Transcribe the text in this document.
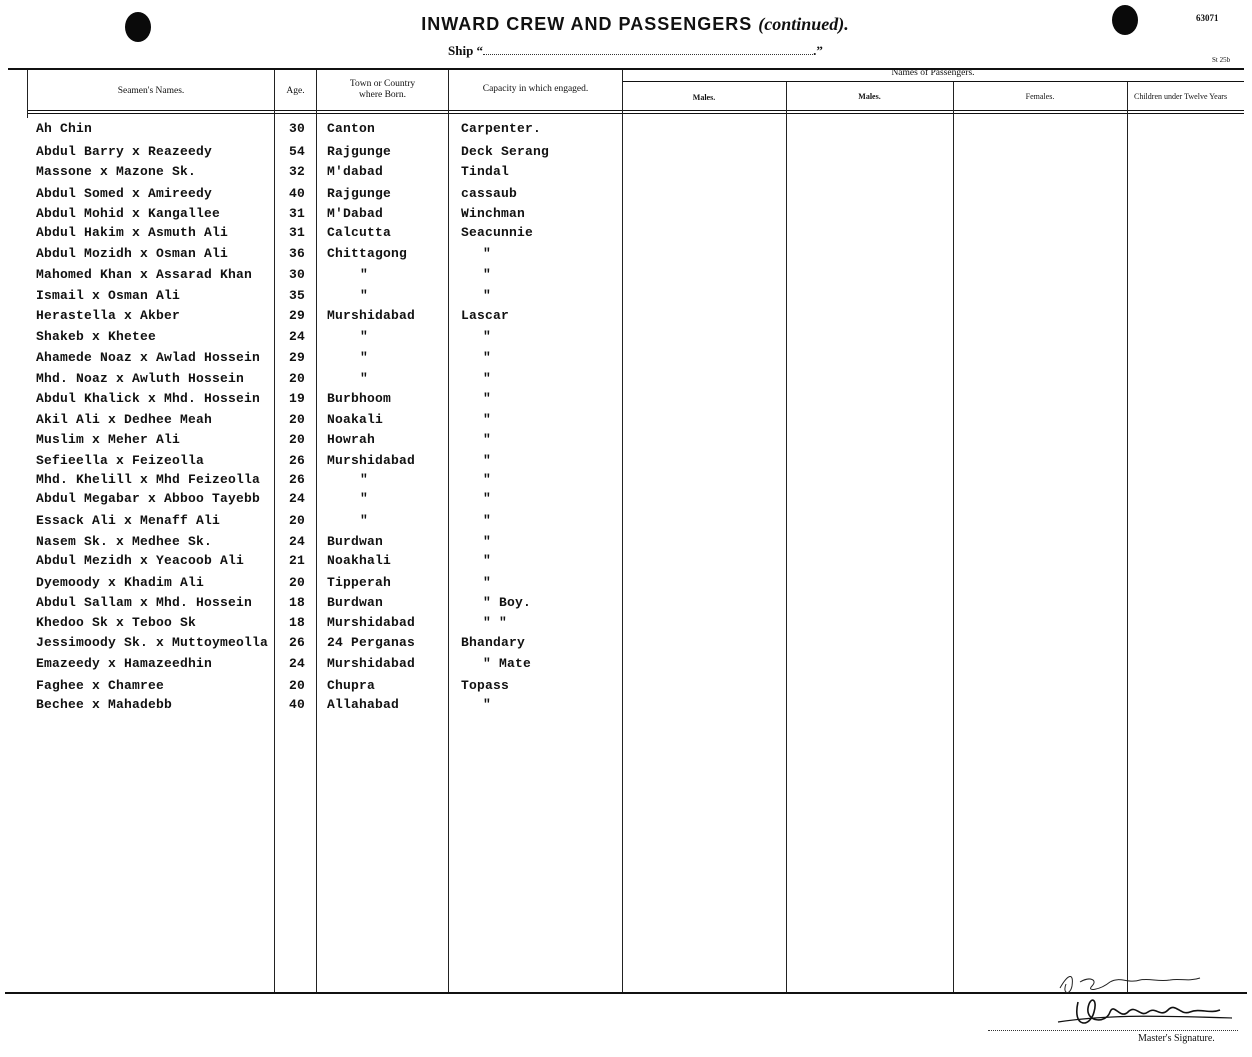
INWARD CREW AND PASSENGERS (continued).
Ship “	.”
63071
St 25b
Seamen's Names.	Age.
Town or Country
where Born.
Capacity in which engaged.
Names of Passengers.
Males.	Males.	Females.	Children under Twelve Years
Ah Chin	30	Canton	Carpenter.
Abdul Barry x Reazeedy	54	Rajgunge	Deck Serang
Massone x Mazone Sk.	32	M'dabad	Tindal
Abdul Somed x Amireedy	40	Rajgunge	cassaub
Abdul Mohid x Kangallee	31	M'Dabad	Winchman
Abdul Hakim x Asmuth Ali	31	Calcutta	Seacunnie
Abdul Mozidh x Osman Ali	36	Chittagong	"
Mahomed Khan x Assarad Khan	30	"	"
Ismail x Osman Ali	35	"	"
Herastella x Akber	29	Murshidabad	Lascar
Shakeb x Khetee	24	"	"
Ahamede Noaz x Awlad Hossein	29	"	"
Mhd. Noaz x Awluth Hossein	20	"	"
Abdul Khalick x Mhd. Hossein	19	Burbhoom	"
Akil Ali x Dedhee Meah	20	Noakali	"
Muslim x Meher Ali	20	Howrah	"
Sefieella x Feizeolla	26	Murshidabad	"
Mhd. Khelill x Mhd Feizeolla	26	"	"
Abdul Megabar x Abboo Tayebb	24	"	"
Essack Ali x Menaff Ali	20	"	"
Nasem Sk. x Medhee Sk.	24	Burdwan	"
Abdul Mezidh x Yeacoob Ali	21	Noakhali	"
Dyemoody x Khadim Ali	20	Tipperah	"
Abdul Sallam x Mhd. Hossein	18	Burdwan	" Boy.
Khedoo Sk x Teboo Sk	18	Murshidabad	" "
Jessimoody Sk. x Muttoymeolla	26	24 Perganas	Bhandary
Emazeedy x Hamazeedhin	24	Murshidabad	" Mate
Faghee x Chamree	20	Chupra	Topass
Bechee x Mahadebb	40	Allahabad	"
Master's Signature.
